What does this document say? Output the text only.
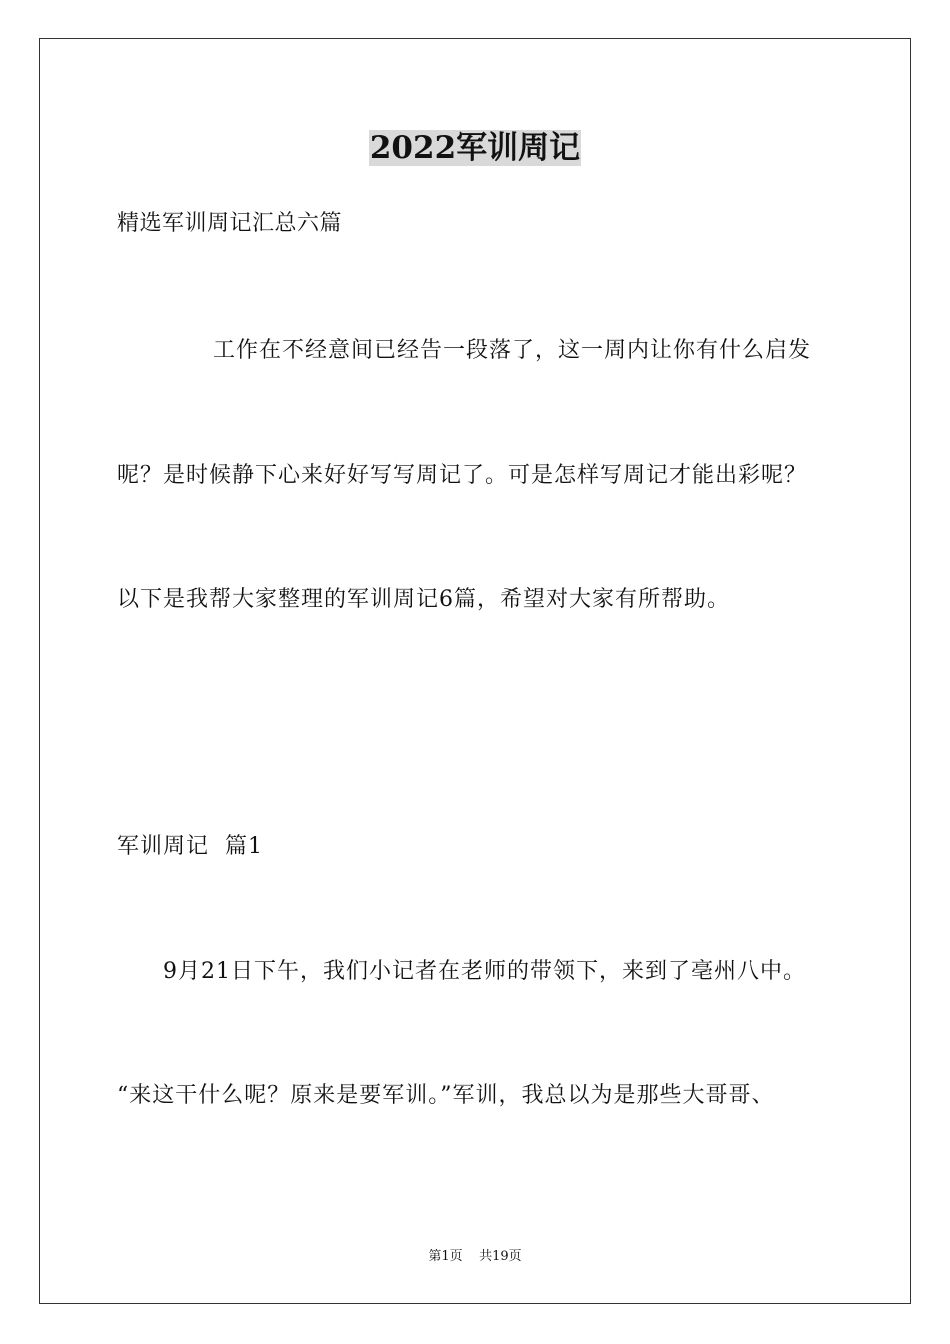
2022军训周记
精选军训周记汇总六篇
工作在不经意间已经告一段落了，这一周内让你有什么启发
呢？是时候静下心来好好写写周记了。可是怎样写周记才能出彩呢？
以下是我帮大家整理的军训周记6篇，希望对大家有所帮助。
军训周记  篇1
9月21日下午，我们小记者在老师的带领下，来到了亳州八中。
“来这干什么呢？原来是要军训。”军训，我总以为是那些大哥哥、
第1页    共19页
